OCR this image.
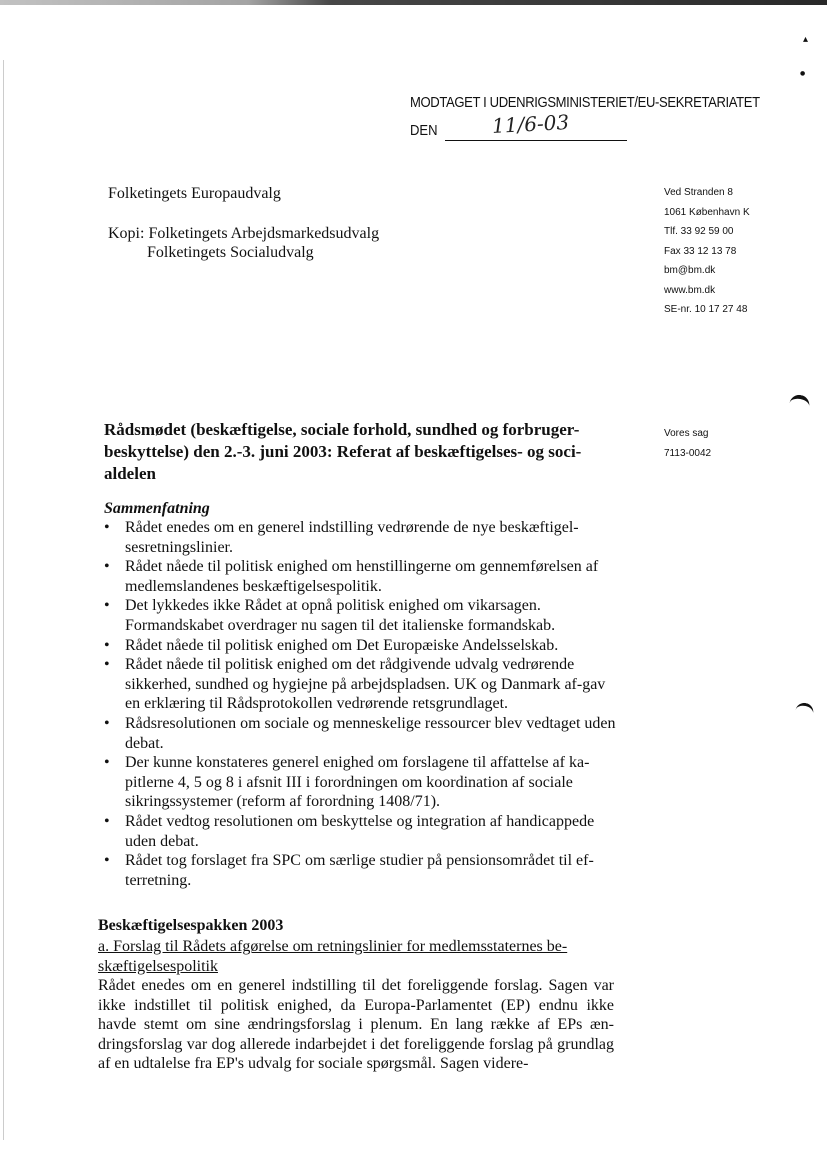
▴
●
MODTAGET I UDENRIGSMINISTERIET/EU-SEKRETARIATET
DEN	11/6-03
Folketingets Europaudvalg
Kopi: Folketingets Arbejdsmarkedsudvalg
Folketingets Socialudvalg
Ved Stranden 8
1061 København K
Tlf. 33 92 59 00
Fax 33 12 13 78
bm@bm.dk
www.bm.dk
SE-nr. 10 17 27 48
Vores sag
7113-0042
Rådsmødet (beskæftigelse, sociale forhold, sundhed og forbruger-beskyttelse) den 2.-3. juni 2003: Referat af beskæftigelses- og soci-aldelen
Sammenfatning
• Rådet enedes om en generel indstilling vedrørende de nye beskæftigel-sesretningslinier.
• Rådet nåede til politisk enighed om henstillingerne om gennemførelsen af medlemslandenes beskæftigelsespolitik.
• Det lykkedes ikke Rådet at opnå politisk enighed om vikarsagen. Formandskabet overdrager nu sagen til det italienske formandskab.
• Rådet nåede til politisk enighed om Det Europæiske Andelsselskab.
• Rådet nåede til politisk enighed om det rådgivende udvalg vedrørende sikkerhed, sundhed og hygiejne på arbejdspladsen. UK og Danmark af-gav en erklæring til Rådsprotokollen vedrørende retsgrundlaget.
• Rådsresolutionen om sociale og menneskelige ressourcer blev vedtaget uden debat.
• Der kunne konstateres generel enighed om forslagene til affattelse af ka-pitlerne 4, 5 og 8 i afsnit III i forordningen om koordination af sociale sikringssystemer (reform af forordning 1408/71).
• Rådet vedtog resolutionen om beskyttelse og integration af handicappede uden debat.
• Rådet tog forslaget fra SPC om særlige studier på pensionsområdet til ef-terretning.
Beskæftigelsespakken 2003
a. Forslag til Rådets afgørelse om retningslinier for medlemsstaternes be-skæftigelsespolitik
Rådet enedes om en generel indstilling til det foreliggende forslag. Sagen var ikke indstillet til politisk enighed, da Europa-Parlamentet (EP) endnu ikke havde stemt om sine ændringsforslag i plenum. En lang række af EPs æn-dringsforslag var dog allerede indarbejdet i det foreliggende forslag på grundlag af en udtalelse fra EP's udvalg for sociale spørgsmål. Sagen videre-
